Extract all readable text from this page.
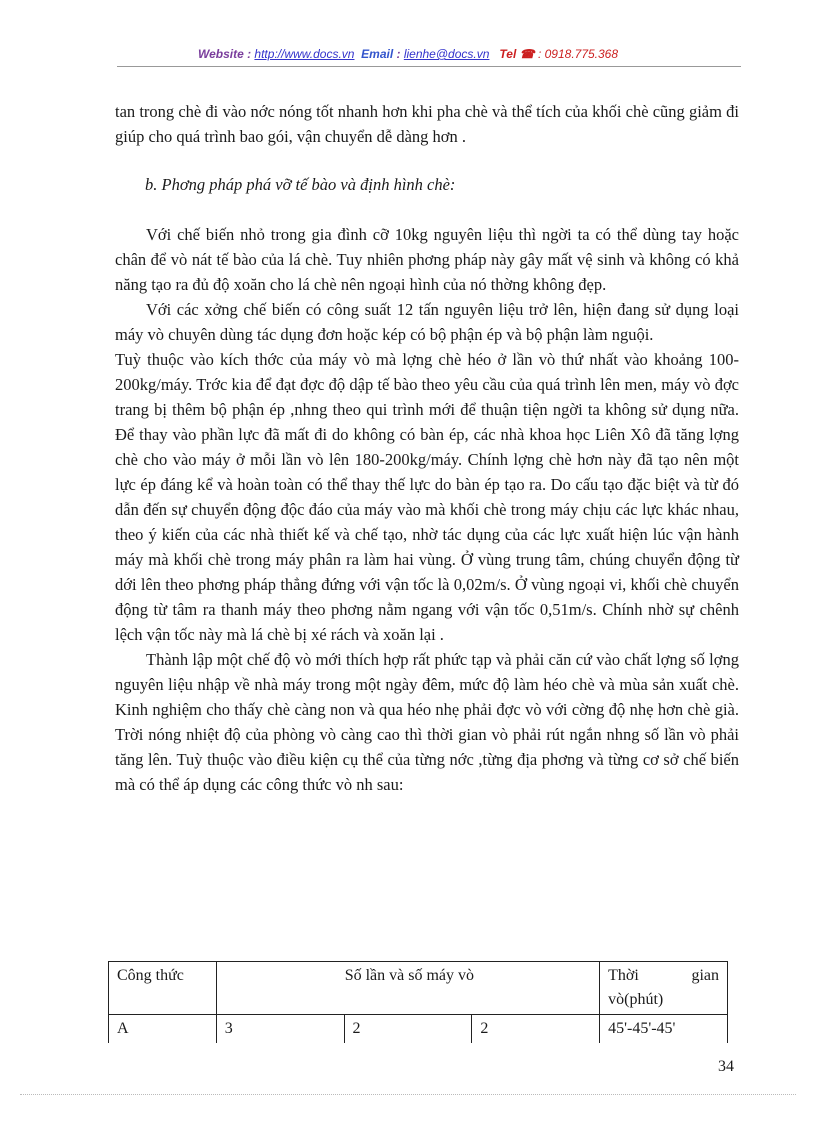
Website : http://www.docs.vn Email : lienhe@docs.vn Tel ☎ : 0918.775.368

tan trong chè đi vào nớc nóng tốt nhanh hơn khi pha chè và thể tích của khối chè cũng giảm đi giúp cho quá trình bao gói, vận chuyển dễ dàng hơn .

b. Phơng pháp phá vỡ tế bào và định hình chè:

Với chế biến nhỏ trong gia đình cỡ 10kg nguyên liệu thì ngời ta có thể dùng tay hoặc chân để vò nát tế bào của lá chè. Tuy nhiên phơng pháp này gây mất vệ sinh và không có khả năng tạo ra đủ độ xoăn cho lá chè nên ngoại hình của nó thờng không đẹp.

Với các xởng chế biến có công suất 12 tấn nguyên liệu trở lên, hiện đang sử dụng loại máy vò chuyên dùng tác dụng đơn hoặc kép có bộ phận ép và bộ phận làm nguội.

Tuỳ thuộc vào kích thớc của máy vò mà lợng chè héo ở lần vò thứ nhất vào khoảng 100-200kg/máy. Trớc kia để đạt đợc độ dập tế bào theo yêu cầu của quá trình lên men, máy vò đợc trang bị thêm bộ phận ép ,nhng theo qui trình mới để thuận tiện ngời ta không sử dụng nữa. Để thay vào phần lực đã mất đi do không có bàn ép, các nhà khoa học Liên Xô đã tăng lợng chè cho vào máy ở mỗi lần vò lên 180-200kg/máy. Chính lợng chè hơn này đã tạo nên một lực ép đáng kể và hoàn toàn có thể thay thế lực do bàn ép tạo ra. Do cấu tạo đặc biệt và từ đó dẫn đến sự chuyển động độc đáo của máy vào mà khối chè trong máy chịu các lực khác nhau, theo ý kiến của các nhà thiết kế và chế tạo, nhờ tác dụng của các lực xuất hiện lúc vận hành máy mà khối chè trong máy phân ra làm hai vùng. Ở vùng trung tâm, chúng chuyển động từ dới lên theo phơng pháp thẳng đứng với vận tốc là 0,02m/s. Ở vùng ngoại vi, khối chè chuyển động từ tâm ra thanh máy theo phơng nằm ngang với vận tốc 0,51m/s. Chính nhờ sự chênh lệch vận tốc này mà lá chè bị xé rách và xoăn lại .

Thành lập một chế độ vò mới thích hợp rất phức tạp và phải căn cứ vào chất lợng số lợng nguyên liệu nhập về nhà máy trong một ngày đêm, mức độ làm héo chè và mùa sản xuất chè. Kinh nghiệm cho thấy chè càng non và qua héo nhẹ phải đợc vò với cờng độ nhẹ hơn chè già. Trời nóng nhiệt độ của phòng vò càng cao thì thời gian vò phải rút ngắn nhng số lần vò phải tăng lên. Tuỳ thuộc vào điều kiện cụ thể của từng nớc ,từng địa phơng và từng cơ sở chế biến mà có thể áp dụng các công thức vò nh sau:

Công thức	Số lần và số máy vò			Thời gian vò(phút)
A	3	2	2	45'-45'-45'
34
